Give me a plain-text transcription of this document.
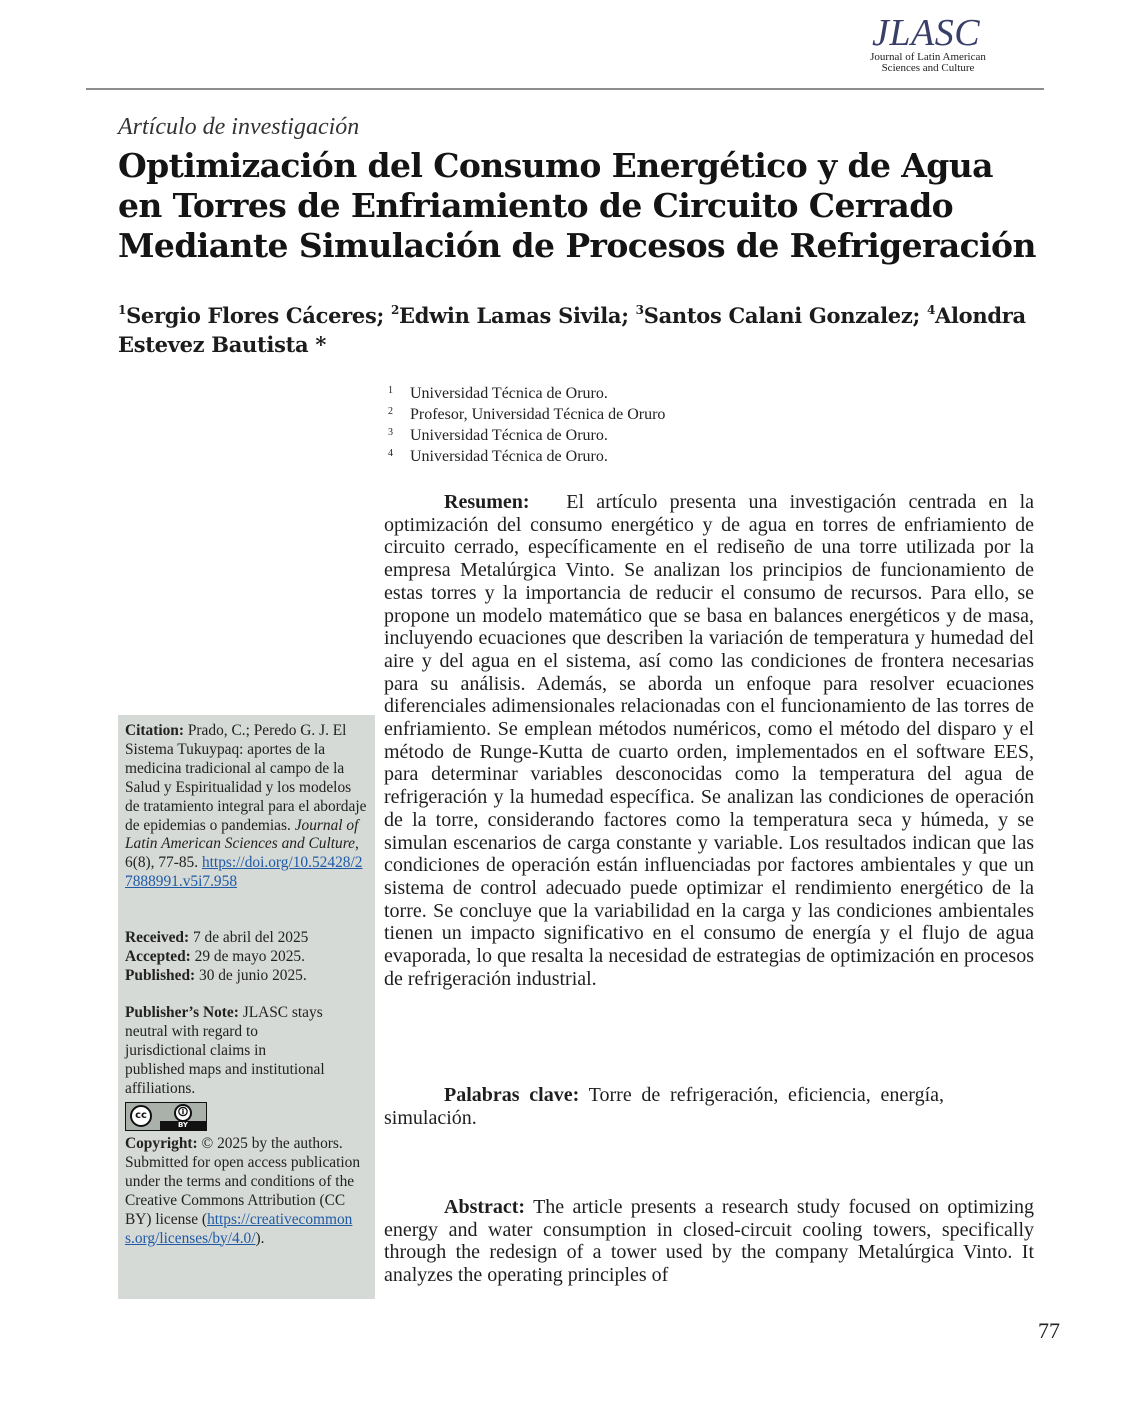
JLASC
Journal of Latin American
Sciences and Culture
Artículo de investigación
Optimización del Consumo Energético y de Agua
en Torres de Enfriamiento de Circuito Cerrado
Mediante Simulación de Procesos de Refrigeración

$^1$Sergio Flores Cáceres; $^2$Edwin Lamas Sivila; $^3$Santos Calani Gonzalez; $^4$Alondra Estevez Bautista *

1 Universidad Técnica de Oruro.
2 Profesor, Universidad Técnica de Oruro
3 Universidad Técnica de Oruro.
4 Universidad Técnica de Oruro.

Resumen: El artículo presenta una investigación centrada en la optimización del consumo energético y de agua en torres de enfriamiento de circuito cerrado, específicamente en el rediseño de una torre utilizada por la empresa Metalúrgica Vinto. Se analizan los principios de funcionamiento de estas torres y la importancia de reducir el consumo de recursos. Para ello, se propone un modelo matemático que se basa en balances energéticos y de masa, incluyendo ecuaciones que describen la variación de temperatura y humedad del aire y del agua en el sistema, así como las condiciones de frontera necesarias para su análisis. Además, se aborda un enfoque para resolver ecuaciones diferenciales adimensionales relacionadas con el funcionamiento de las torres de enfriamiento. Se emplean métodos numéricos, como el método del disparo y el método de Runge-Kutta de cuarto orden, implementados en el software EES, para determinar variables desconocidas como la temperatura del agua de refrigeración y la humedad específica. Se analizan las condiciones de operación de la torre, considerando factores como la temperatura seca y húmeda, y se simulan escenarios de carga constante y variable. Los resultados indican que las condiciones de operación están influenciadas por factores ambientales y que un sistema de control adecuado puede optimizar el rendimiento energético de la torre. Se concluye que la variabilidad en la carga y las condiciones ambientales tienen un impacto significativo en el consumo de energía y el flujo de agua evaporada, lo que resalta la necesidad de estrategias de optimización en procesos de refrigeración industrial.

Palabras clave: Torre de refrigeración, eficiencia, energía, simulación.

Abstract: The article presents a research study focused on optimizing energy and water consumption in closed-circuit cooling towers, specifically through the redesign of a tower used by the company Metalúrgica Vinto. It analyzes the operating principles of

Citation: Prado, C.; Peredo G. J. El Sistema Tukuypaq: aportes de la medicina tradicional al campo de la Salud y Espiritualidad y los modelos de tratamiento integral para el abordaje de epidemias o pandemias. Journal of Latin American Sciences and Culture, 6(8), 77-85. https://doi.org/10.52428/27888991.v5i7.958
Received: 7 de abril del 2025
Accepted: 29 de mayo 2025.
Published: 30 de junio 2025.
Publisher’s Note: JLASC stays neutral with regard to jurisdictional claims in published maps and institutional affiliations.
cc	🛈
BY
Copyright: © 2025 by the authors. Submitted for open access publication under the terms and conditions of the Creative Commons Attribution (CC BY) license (https://creativecommons.org/licenses/by/4.0/).
77
